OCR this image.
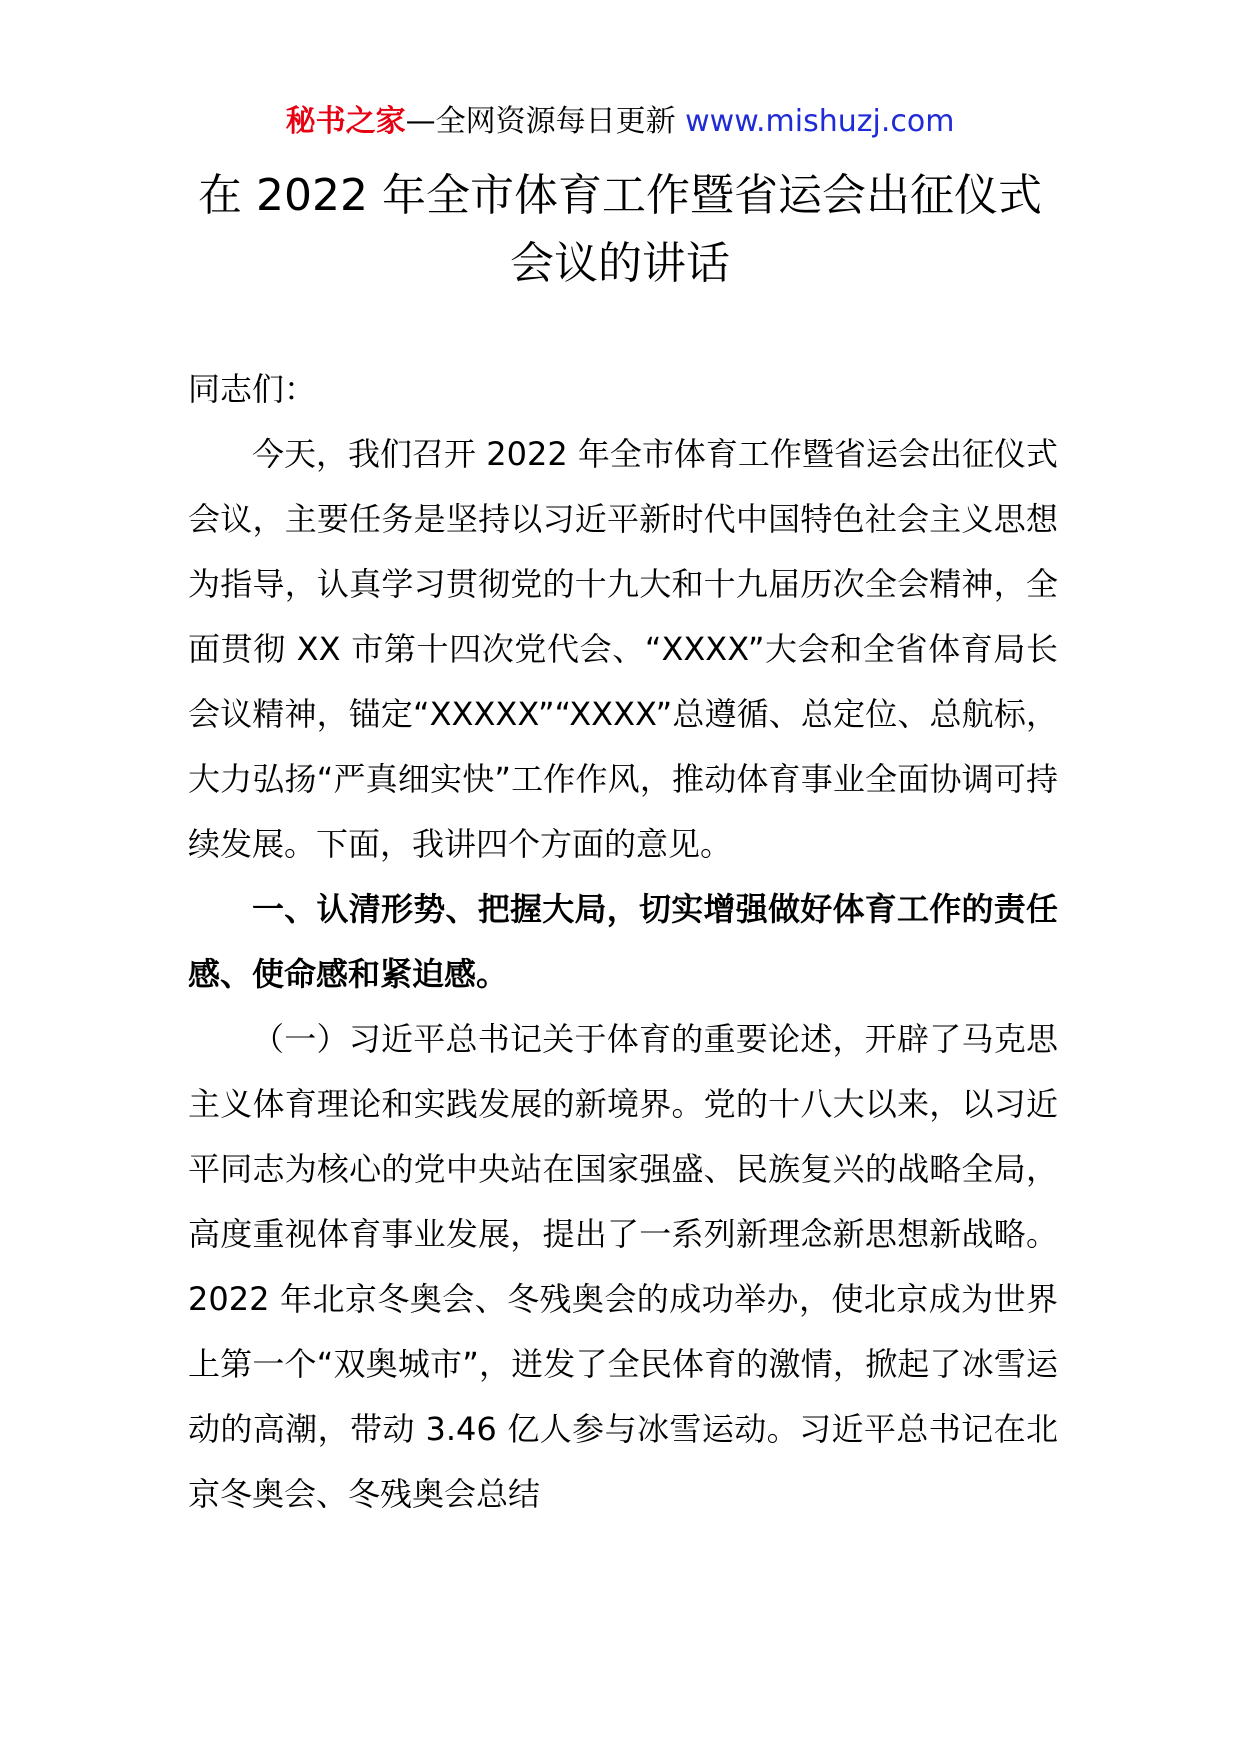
秘书之家—全网资源每日更新 www.mishuzj.com
在 2022 年全市体育工作暨省运会出征仪式
会议的讲话

同志们：

今天，我们召开 2022 年全市体育工作暨省运会出征仪式会议，主要任务是坚持以习近平新时代中国特色社会主义思想为指导，认真学习贯彻党的十九大和十九届历次全会精神，全面贯彻 XX 市第十四次党代会、“XXXX”大会和全省体育局长会议精神，锚定“XXXXX”“XXXX”总遵循、总定位、总航标，大力弘扬“严真细实快”工作作风，推动体育事业全面协调可持续发展。下面，我讲四个方面的意见。

一、认清形势、把握大局，切实增强做好体育工作的责任感、使命感和紧迫感。

（一）习近平总书记关于体育的重要论述，开辟了马克思主义体育理论和实践发展的新境界。党的十八大以来，以习近平同志为核心的党中央站在国家强盛、民族复兴的战略全局，高度重视体育事业发展，提出了一系列新理念新思想新战略。2022 年北京冬奥会、冬残奥会的成功举办，使北京成为世界上第一个“双奥城市”，迸发了全民体育的激情，掀起了冰雪运动的高潮，带动 3.46 亿人参与冰雪运动。习近平总书记在北京冬奥会、冬残奥会总结
